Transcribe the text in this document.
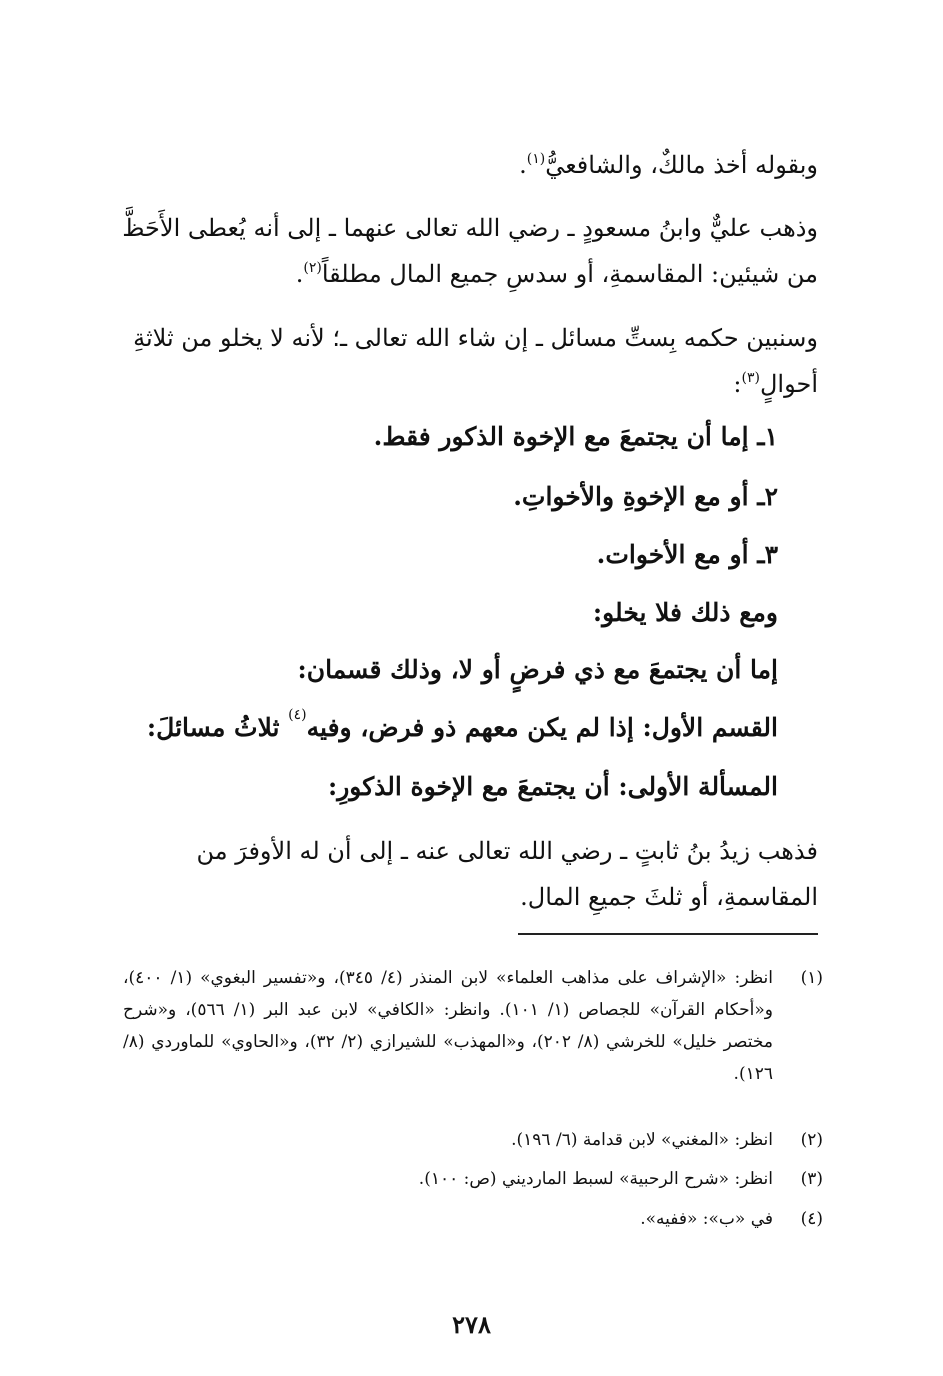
وبقوله أخذ مالكٌ، والشافعيُّ$^{(١)}$.
وذهب عليٌّ وابنُ مسعودٍ ـ رضي الله تعالى عنهما ـ إلى أنه يُعطى الأَحَظَّ
من شيئين: المقاسمةِ، أو سدسِ جميع المال مطلقاً$^{(٢)}$.
وسنبين حكمه بِستِّ مسائل ـ إن شاء الله تعالى ـ؛ لأنه لا يخلو من ثلاثةِ
أحوالٍ$^{(٣)}$:
١ـ إما أن يجتمعَ مع الإخوة الذكور فقط.
٢ـ أو مع الإخوةِ والأخواتِ.
٣ـ أو مع الأخوات.
ومع ذلك فلا يخلو:
إما أن يجتمعَ مع ذي فرضٍ أو لا، وذلك قسمان:
القسم الأول: إذا لم يكن معهم ذو فرض، وفيه$^{(٤)}$ ثلاثُ مسائلَ:
المسألة الأولى: أن يجتمعَ مع الإخوة الذكورِ:
فذهب زيدُ بنُ ثابتٍ ـ رضي الله تعالى عنه ـ إلى أن له الأوفرَ من
المقاسمةِ، أو ثلثَ جميعِ المال.
(١)
انظر: «الإشراف على مذاهب العلماء» لابن المنذر (٤/ ٣٤٥)، و«تفسير البغوي» (١/ ٤٠٠)، و«أحكام القرآن» للجصاص (١/ ١٠١). وانظر: «الكافي» لابن عبد البر (١/ ٥٦٦)، و«شرح مختصر خليل» للخرشي (٨/ ٢٠٢)، و«المهذب» للشيرازي (٢/ ٣٢)، و«الحاوي» للماوردي (٨/ ١٢٦).
(٢)
انظر: «المغني» لابن قدامة (٦/ ١٩٦).
(٣)
انظر: «شرح الرحبية» لسبط المارديني (ص: ١٠٠).
(٤)
في «ب»: «ففيه».
٢٧٨
